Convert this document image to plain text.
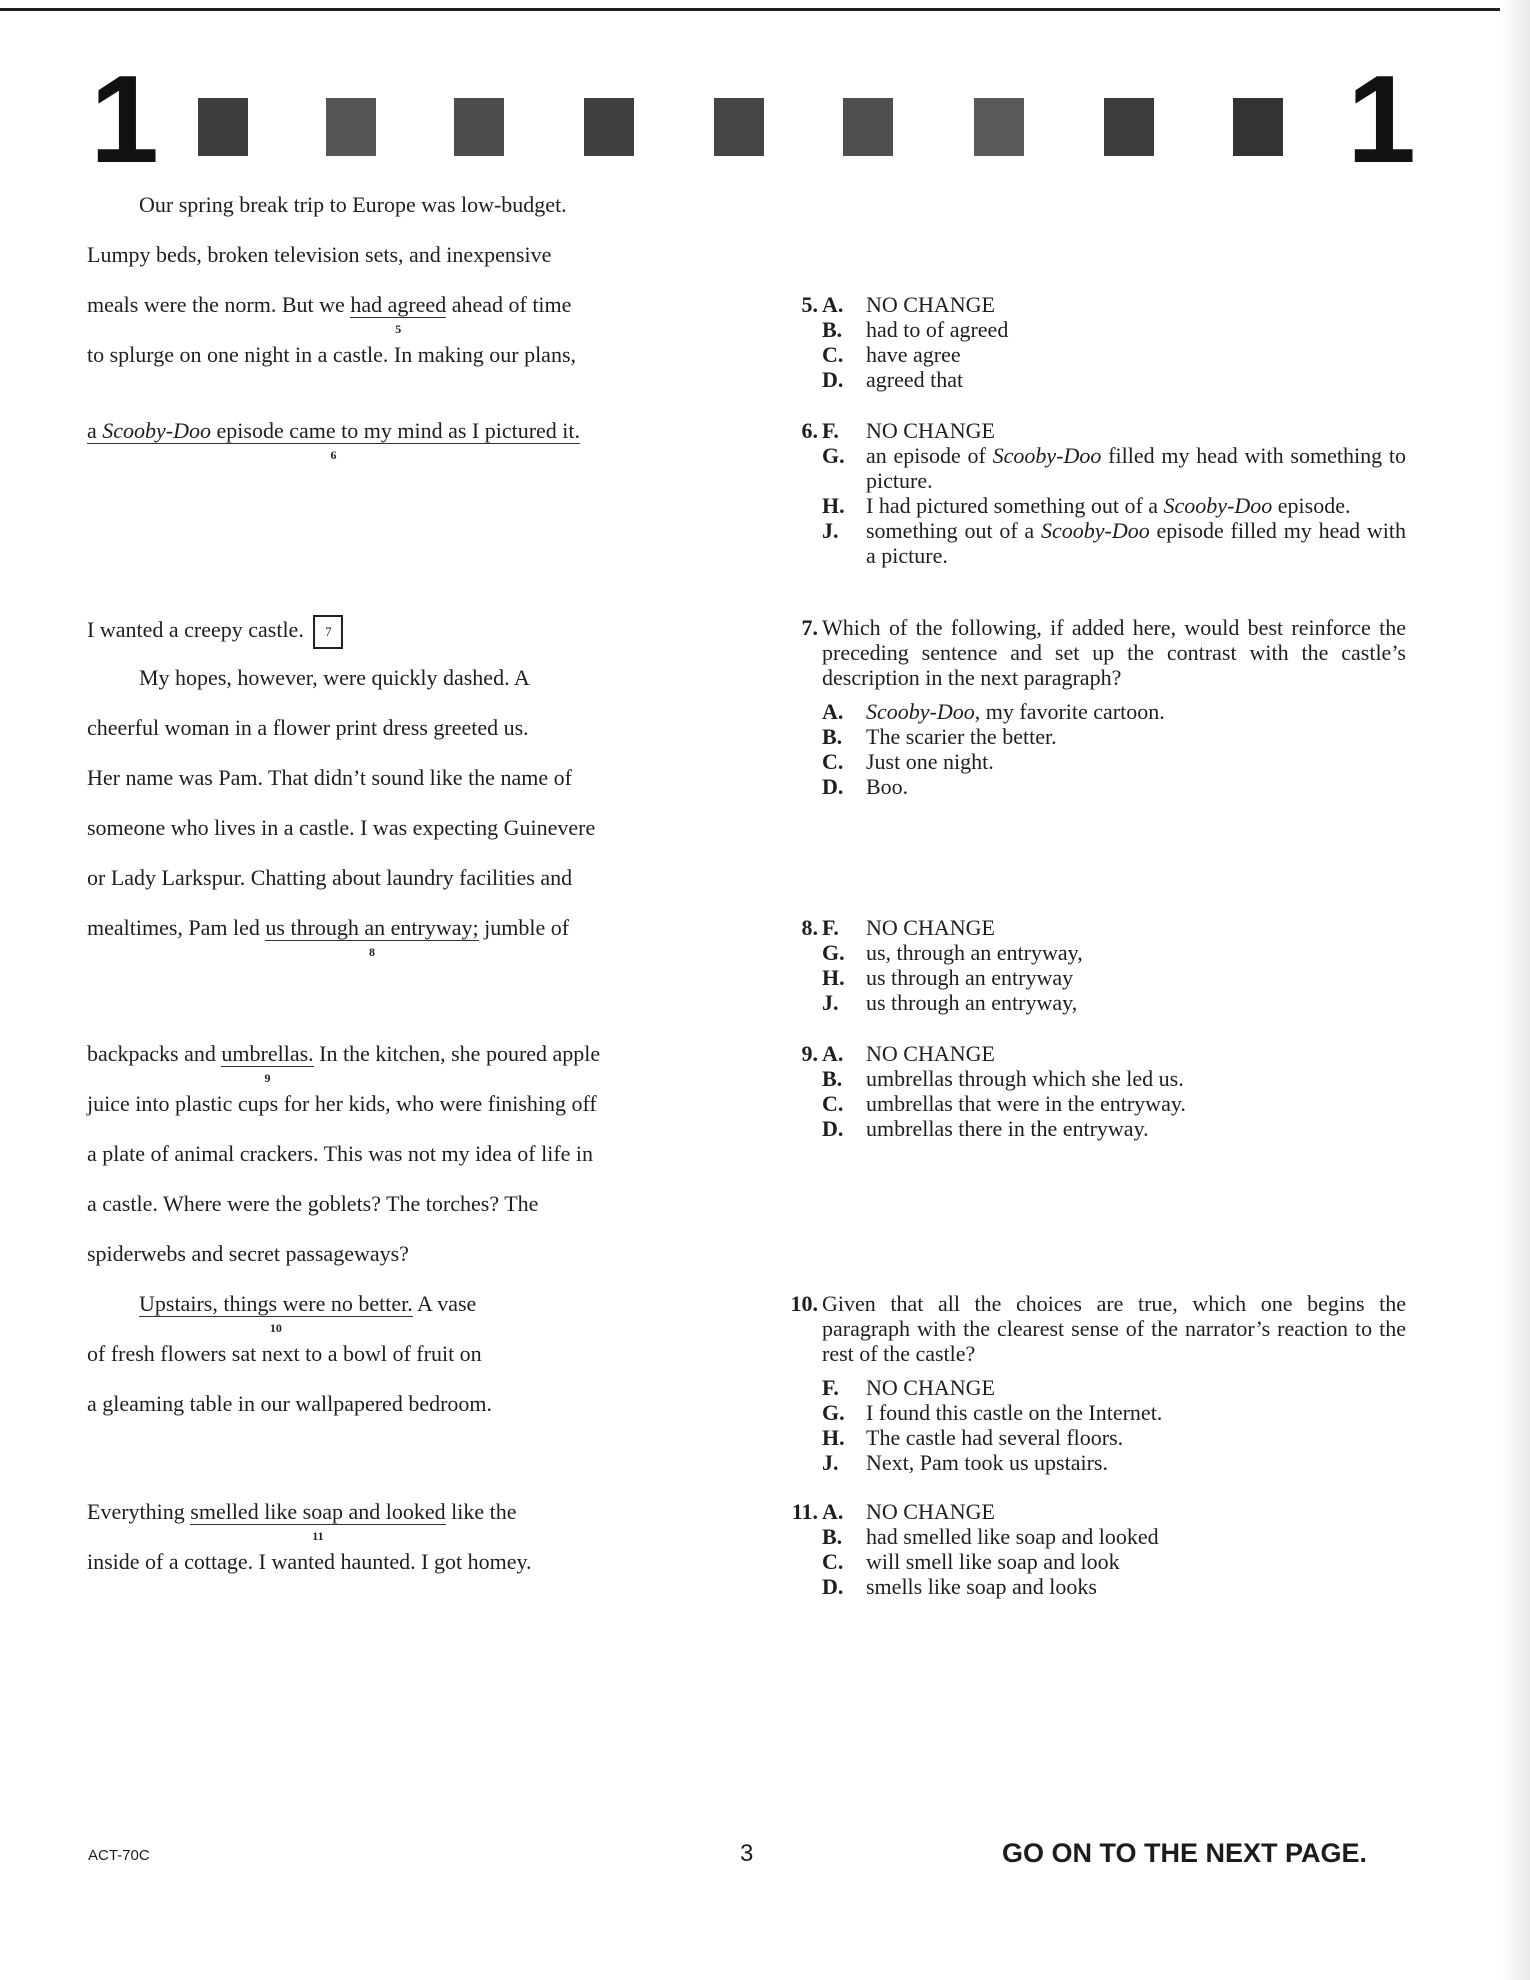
1	1
Our spring break trip to Europe was low-budget.
Lumpy beds, broken television sets, and inexpensive
meals were the norm. But we had agreed
5
ahead of time
to splurge on one night in a castle. In making our plans,
a Scooby-Doo episode came to my mind as I pictured it.
6
I wanted a creepy castle. 7
My hopes, however, were quickly dashed. A
cheerful woman in a flower print dress greeted us.
Her name was Pam. That didn’t sound like the name of
someone who lives in a castle. I was expecting Guinevere
or Lady Larkspur. Chatting about laundry facilities and
mealtimes, Pam led us through an entryway;
8
jumble of
backpacks and umbrellas.
9
In the kitchen, she poured apple
juice into plastic cups for her kids, who were finishing off
a plate of animal crackers. This was not my idea of life in
a castle. Where were the goblets? The torches? The
spiderwebs and secret passageways?
Upstairs, things were no better.
10
A vase
of fresh flowers sat next to a bowl of fruit on
a gleaming table in our wallpapered bedroom.
Everything smelled like soap and looked
11
like the
inside of a cottage. I wanted haunted. I got homey.
5. A. NO CHANGE
B. had to of agreed
C. have agree
D. agreed that
6. F. NO CHANGE
G. an episode of Scooby-Doo filled my head with something to picture.
H. I had pictured something out of a Scooby-Doo episode.
J. something out of a Scooby-Doo episode filled my head with a picture.
7. Which of the following, if added here, would best reinforce the preceding sentence and set up the contrast with the castle’s description in the next paragraph?
A. Scooby-Doo, my favorite cartoon.
B. The scarier the better.
C. Just one night.
D. Boo.
8. F. NO CHANGE
G. us, through an entryway,
H. us through an entryway
J. us through an entryway,
9. A. NO CHANGE
B. umbrellas through which she led us.
C. umbrellas that were in the entryway.
D. umbrellas there in the entryway.
10. Given that all the choices are true, which one begins the paragraph with the clearest sense of the narrator’s reaction to the rest of the castle?
F. NO CHANGE
G. I found this castle on the Internet.
H. The castle had several floors.
J. Next, Pam took us upstairs.
11. A. NO CHANGE
B. had smelled like soap and looked
C. will smell like soap and look
D. smells like soap and looks
ACT-70C	3	GO ON TO THE NEXT PAGE.
